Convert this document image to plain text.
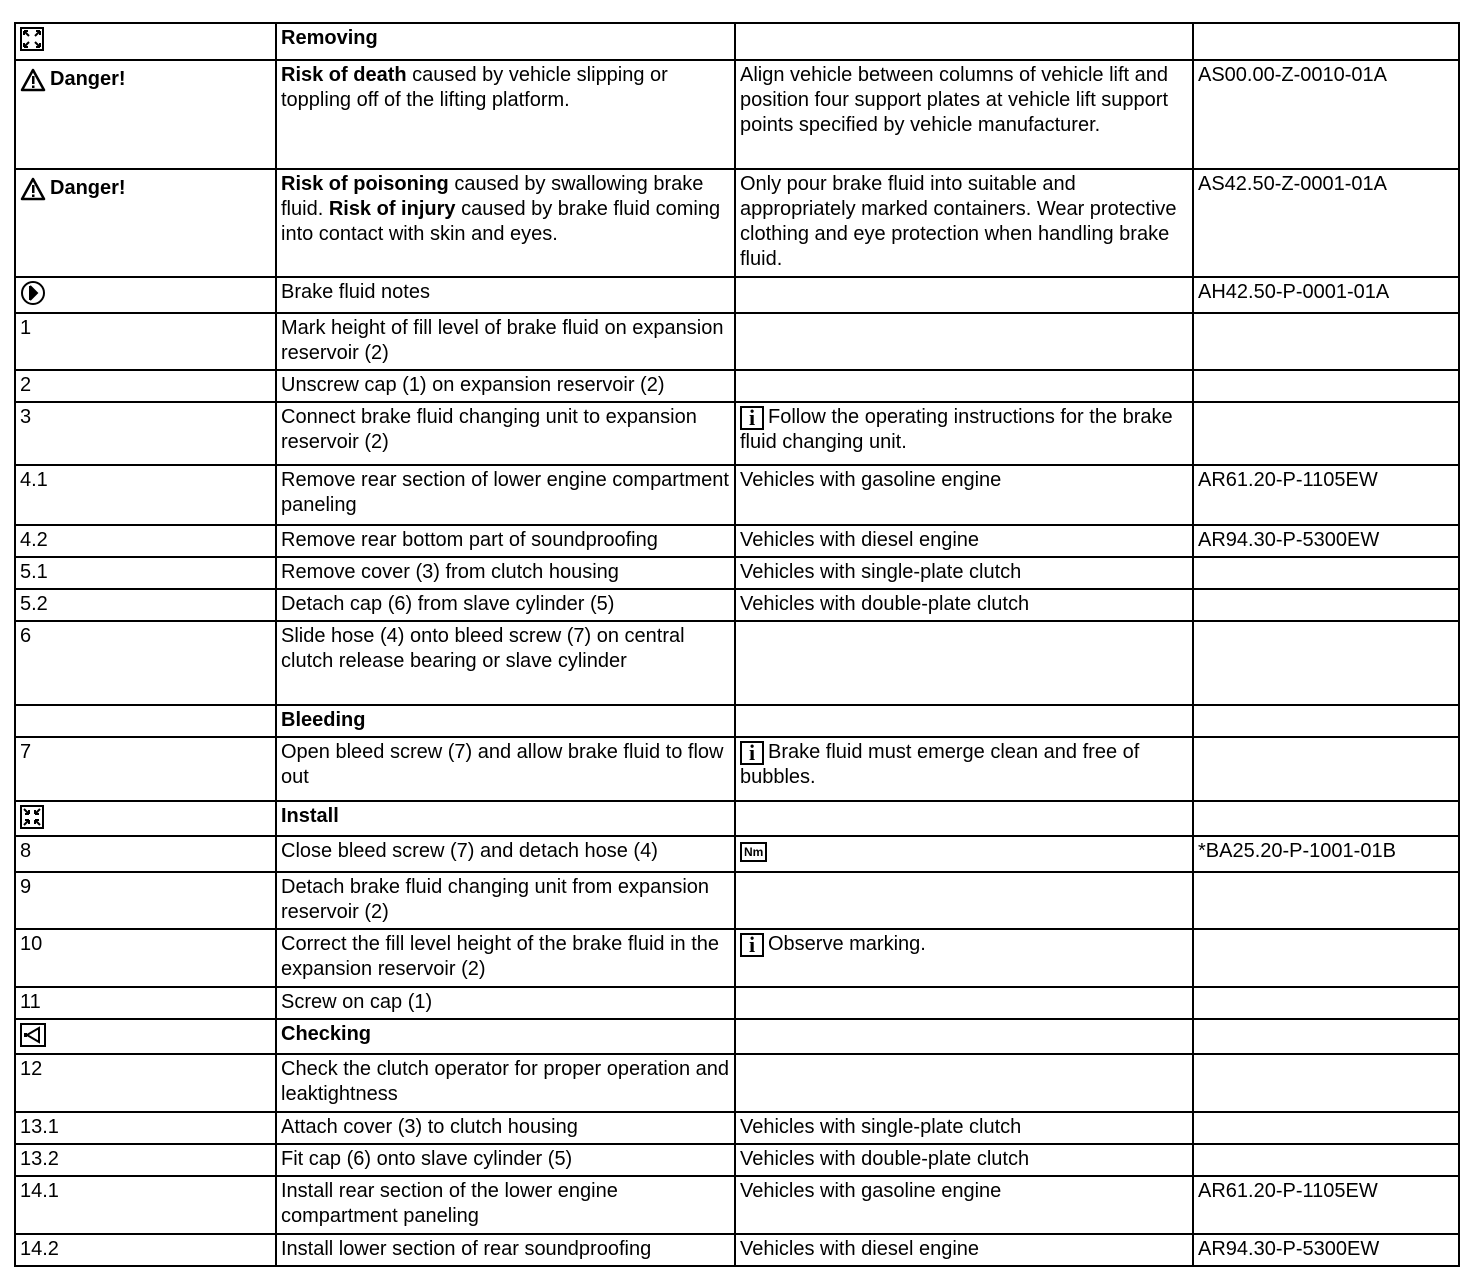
	Removing		

Danger!	Risk of death caused by vehicle slipping or toppling off of the lifting platform.	Align vehicle between columns of vehicle lift and position four support plates at vehicle lift support points specified by vehicle manufacturer.	AS00.00-Z-0010-01A

Danger!	Risk of poisoning caused by swallowing brake fluid. Risk of injury caused by brake fluid coming into contact with skin and eyes.	Only pour brake fluid into suitable and appropriately marked containers. Wear protective clothing and eye protection when handling brake fluid.	AS42.50-Z-0001-01A
	Brake fluid notes		AH42.50-P-0001-01A
1	Mark height of fill level of brake fluid on expansion reservoir (2)		
2	Unscrew cap (1) on expansion reservoir (2)		
3	Connect brake fluid changing unit to expansion reservoir (2)	i Follow the operating instructions for the brake fluid changing unit.	
4.1	Remove rear section of lower engine compartment paneling	Vehicles with gasoline engine	AR61.20-P-1105EW
4.2	Remove rear bottom part of soundproofing	Vehicles with diesel engine	AR94.30-P-5300EW
5.1	Remove cover (3) from clutch housing	Vehicles with single-plate clutch	
5.2	Detach cap (6) from slave cylinder (5)	Vehicles with double-plate clutch	
6	Slide hose (4) onto bleed screw (7) on central clutch release bearing or slave cylinder		
	Bleeding		
7	Open bleed screw (7) and allow brake fluid to flow out	i Brake fluid must emerge clean and free of bubbles.	
	Install		
8	Close bleed screw (7) and detach hose (4)	Nm	*BA25.20-P-1001-01B
9	Detach brake fluid changing unit from expansion reservoir (2)		
10	Correct the fill level height of the brake fluid in the expansion reservoir (2)	i Observe marking.	
11	Screw on cap (1)		
	Checking		
12	Check the clutch operator for proper operation and leaktightness		
13.1	Attach cover (3) to clutch housing	Vehicles with single-plate clutch	
13.2	Fit cap (6) onto slave cylinder (5)	Vehicles with double-plate clutch	
14.1	Install rear section of the lower engine compartment paneling	Vehicles with gasoline engine	AR61.20-P-1105EW
14.2	Install lower section of rear soundproofing	Vehicles with diesel engine	AR94.30-P-5300EW
